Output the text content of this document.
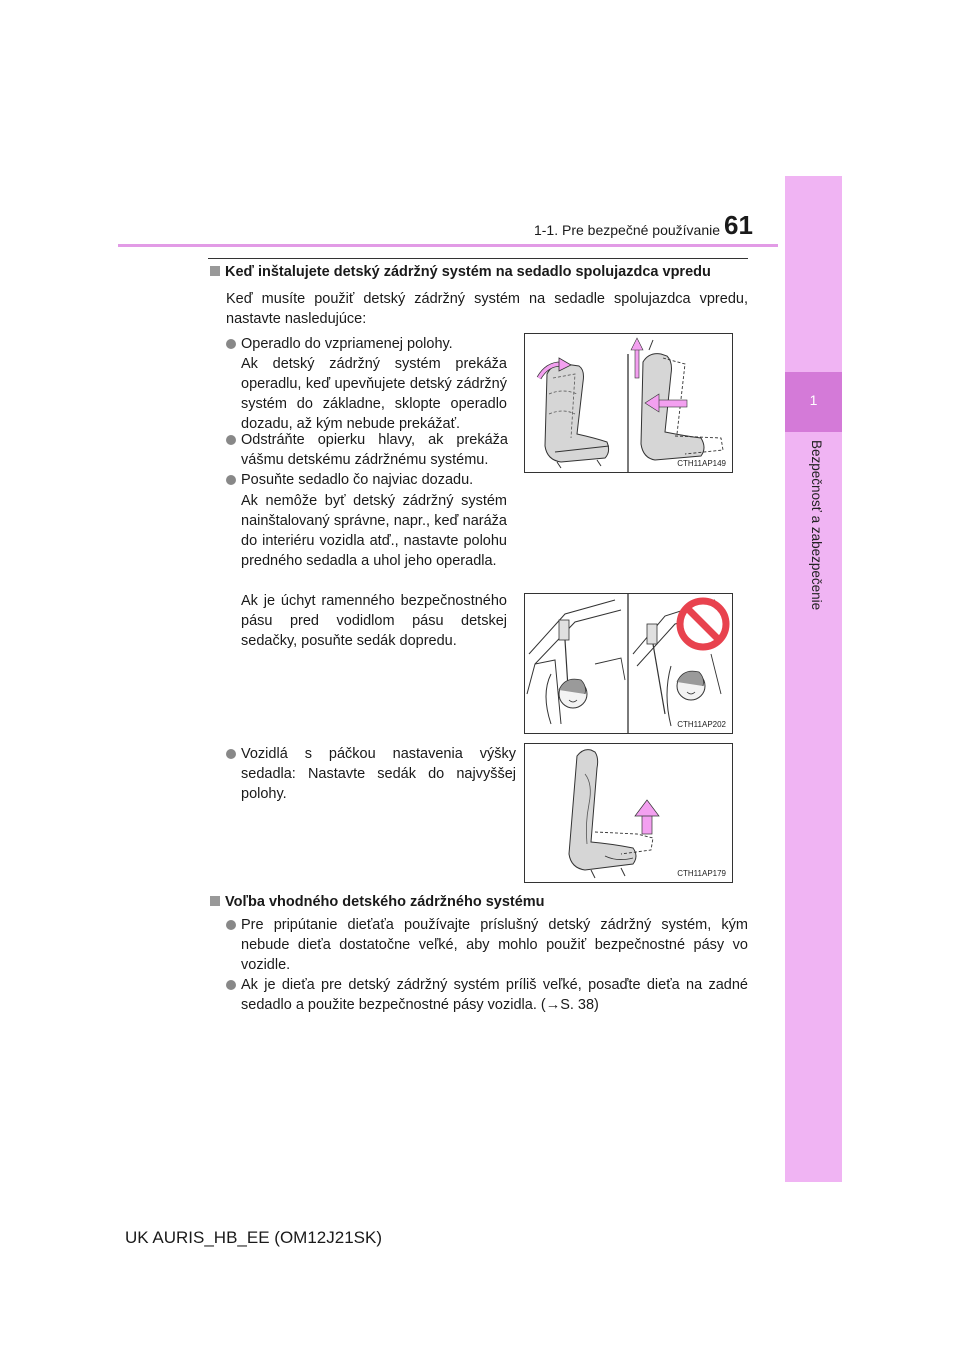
1-1. Pre bezpečné používanie 61
1
Bezpečnosť a zabezpečenie
Keď inštalujete detský zádržný systém na sedadlo spolujazdca vpredu
Keď musíte použiť detský zádržný systém na sedadle spolujazdca vpredu, nastavte nasledujúce:
Operadlo do vzpriamenej polohy.
Ak detský zádržný systém prekáža operadlu, keď upevňujete detský zádržný systém do základne, sklopte operadlo dozadu, až kým nebude prekážať.
Odstráňte opierku hlavy, ak prekáža vášmu detskému zádržnému systému.
Posuňte sedadlo čo najviac dozadu.
Ak nemôže byť detský zádržný systém nainštalovaný správne, napr., keď naráža do interiéru vozidla atď., nastavte polohu predného sedadla a uhol jeho operadla.
Ak je úchyt ramenného bezpečnostného pásu pred vodidlom pásu detskej sedačky, posuňte sedák dopredu.
Vozidlá s páčkou nastavenia výšky sedadla: Nastavte sedák do najvyššej polohy.
CTH11AP149
CTH11AP202
CTH11AP179
Voľba vhodného detského zádržného systému
Pre pripútanie dieťaťa používajte príslušný detský zádržný systém, kým nebude dieťa dostatočne veľké, aby mohlo použiť bezpečnostné pásy vo vozidle.
Ak je dieťa pre detský zádržný systém príliš veľké, posaďte dieťa na zadné sedadlo a použite bezpečnostné pásy vozidla. (→S. 38)
UK AURIS_HB_EE (OM12J21SK)
